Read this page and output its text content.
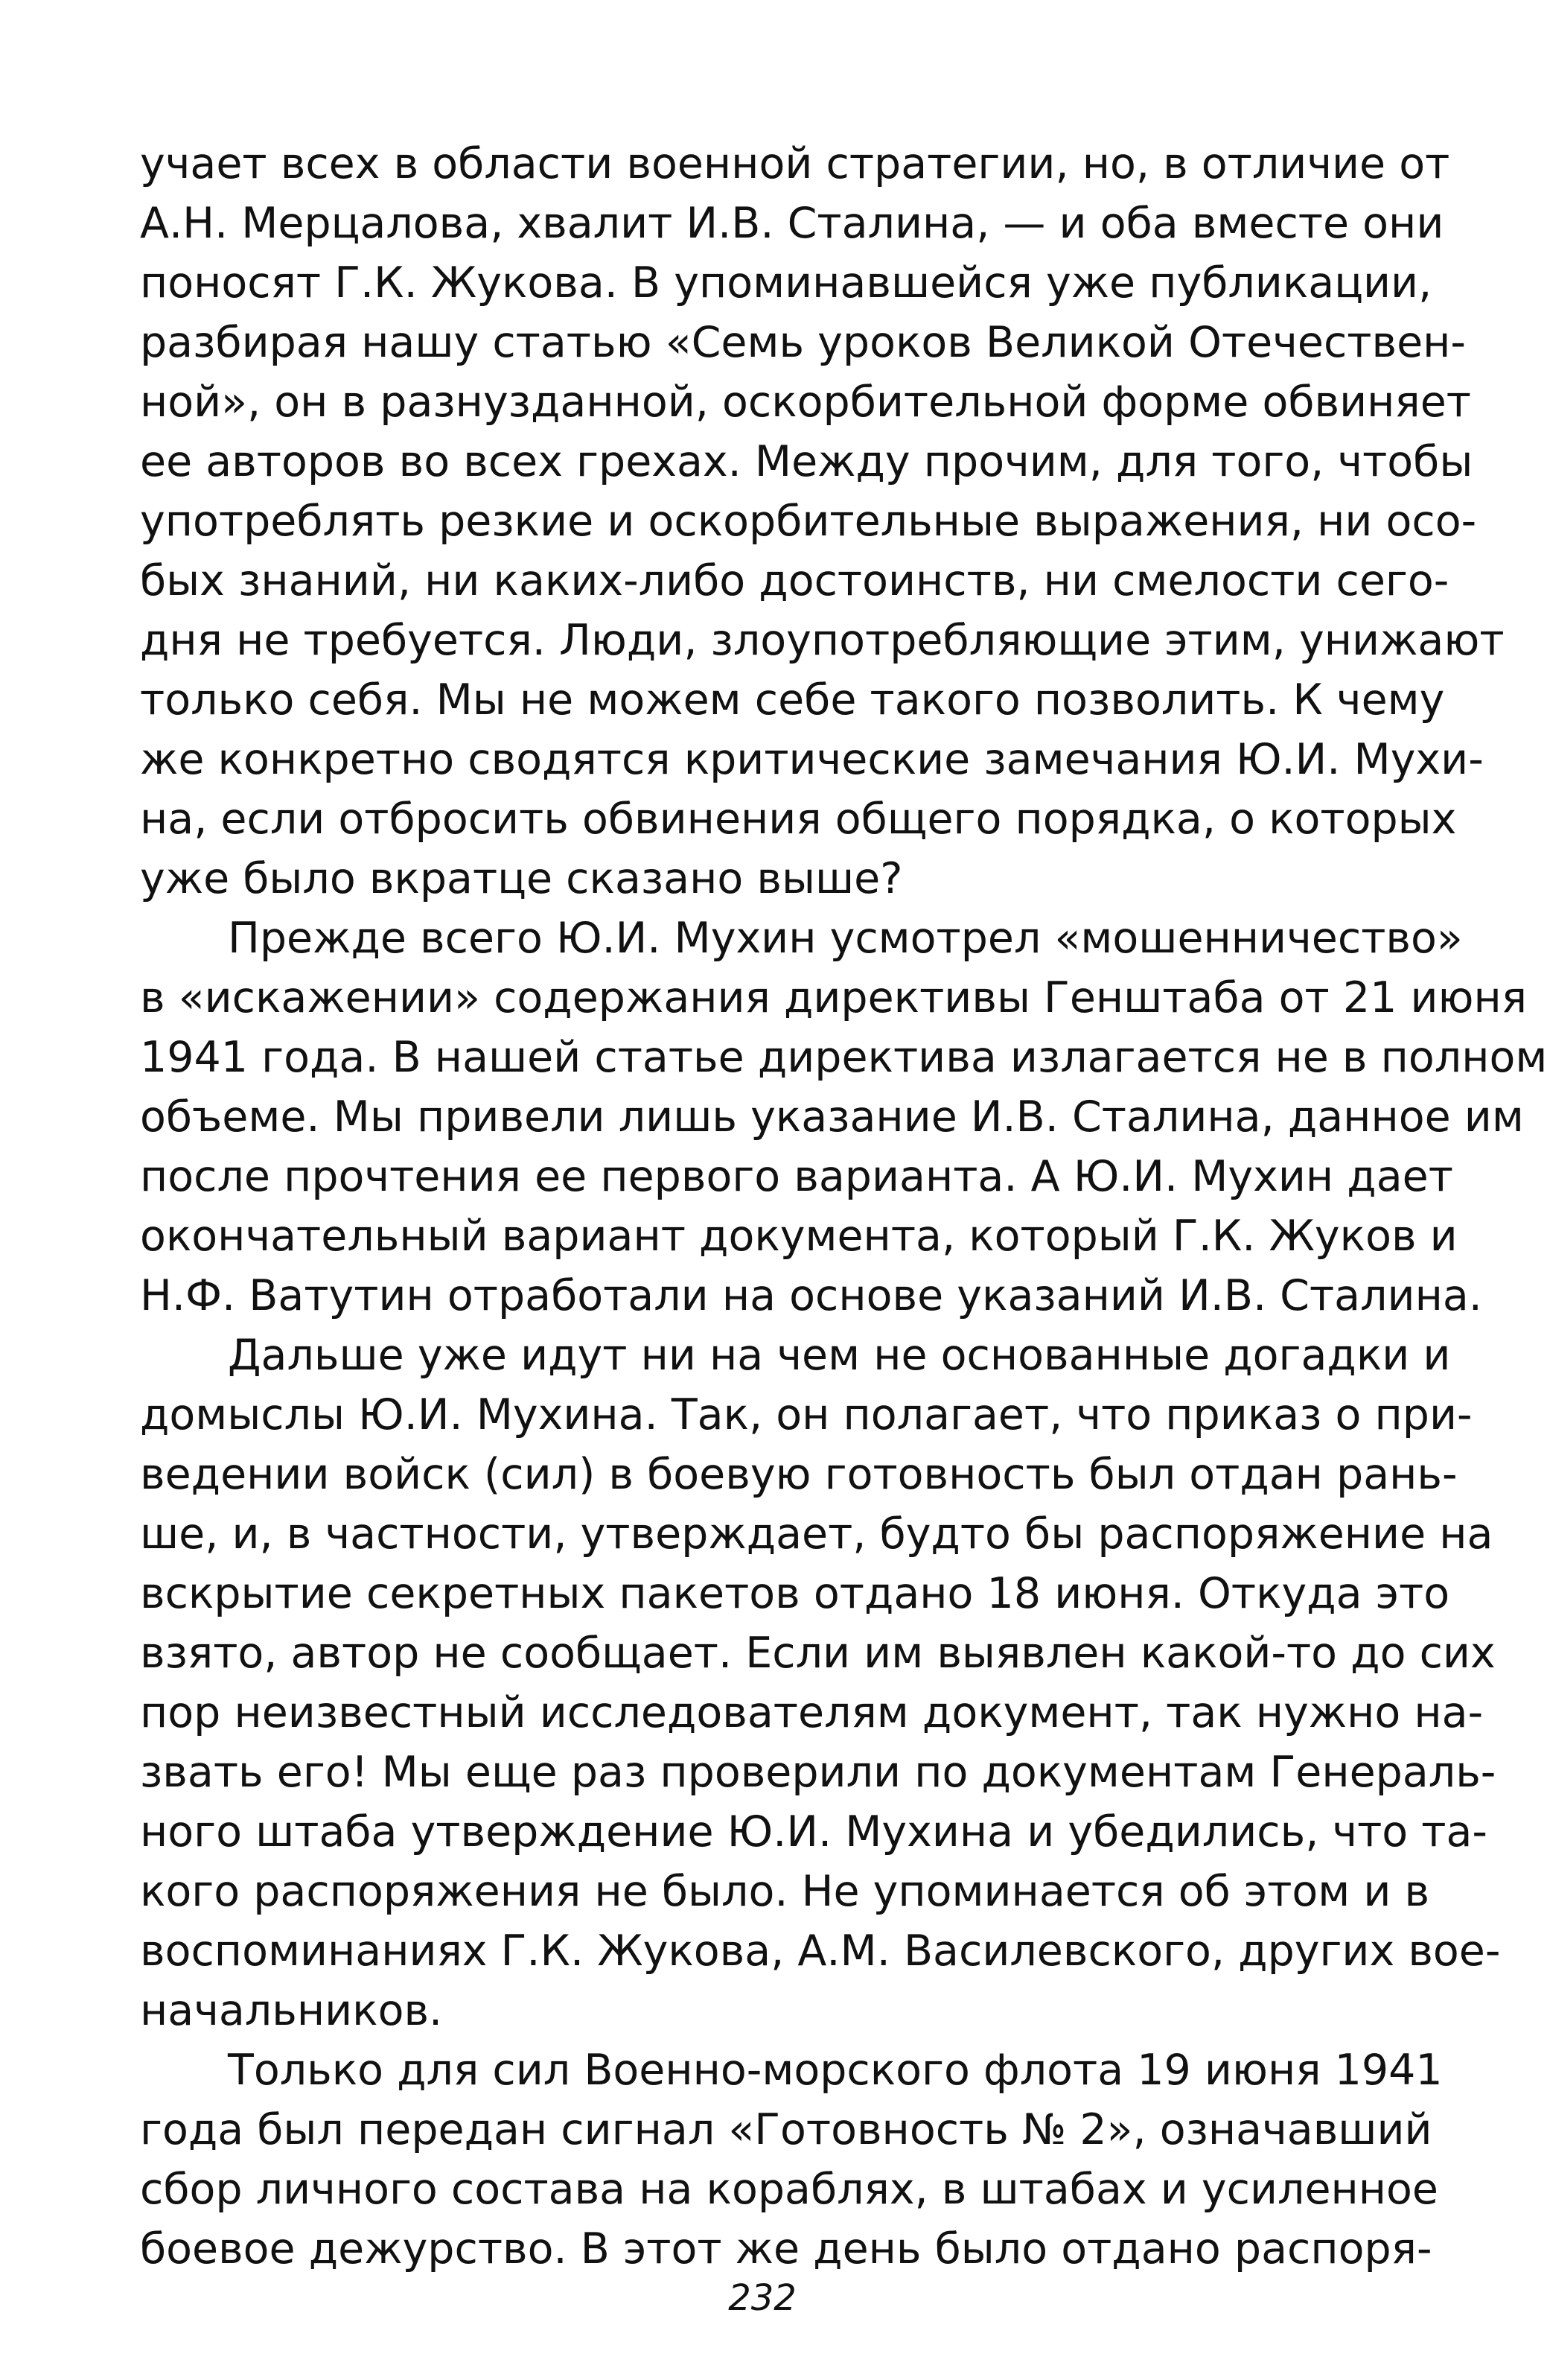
учает всех в области военной стратегии, но, в отличие от
А.Н. Мерцалова, хвалит И.В. Сталина, — и оба вместе они
поносят Г.К. Жукова. В упоминавшейся уже публикации,
разбирая нашу статью «Семь уроков Великой Отечествен-
ной», он в разнузданной, оскорбительной форме обвиняет
ее авторов во всех грехах. Между прочим, для того, чтобы
употреблять резкие и оскорбительные выражения, ни осо-
бых знаний, ни каких-либо достоинств, ни смелости сего-
дня не требуется. Люди, злоупотребляющие этим, унижают
только себя. Мы не можем себе такого позволить. К чему
же конкретно сводятся критические замечания Ю.И. Мухи-
на, если отбросить обвинения общего порядка, о которых
уже было вкратце сказано выше?
Прежде всего Ю.И. Мухин усмотрел «мошенничество»
в «искажении» содержания директивы Генштаба от 21 июня
1941 года. В нашей статье директива излагается не в полном
объеме. Мы привели лишь указание И.В. Сталина, данное им
после прочтения ее первого варианта. А Ю.И. Мухин дает
окончательный вариант документа, который Г.К. Жуков и
Н.Ф. Ватутин отработали на основе указаний И.В. Сталина.
Дальше уже идут ни на чем не основанные догадки и
домыслы Ю.И. Мухина. Так, он полагает, что приказ о при-
ведении войск (сил) в боевую готовность был отдан рань-
ше, и, в частности, утверждает, будто бы распоряжение на
вскрытие секретных пакетов отдано 18 июня. Откуда это
взято, автор не сообщает. Если им выявлен какой-то до сих
пор неизвестный исследователям документ, так нужно на-
звать его! Мы еще раз проверили по документам Генераль-
ного штаба утверждение Ю.И. Мухина и убедились, что та-
кого распоряжения не было. Не упоминается об этом и в
воспоминаниях Г.К. Жукова, А.М. Василевского, других вое-
начальников.
Только для сил Военно-морского флота 19 июня 1941
года был передан сигнал «Готовность № 2», означавший
сбор личного состава на кораблях, в штабах и усиленное
боевое дежурство. В этот же день было отдано распоря-
232
